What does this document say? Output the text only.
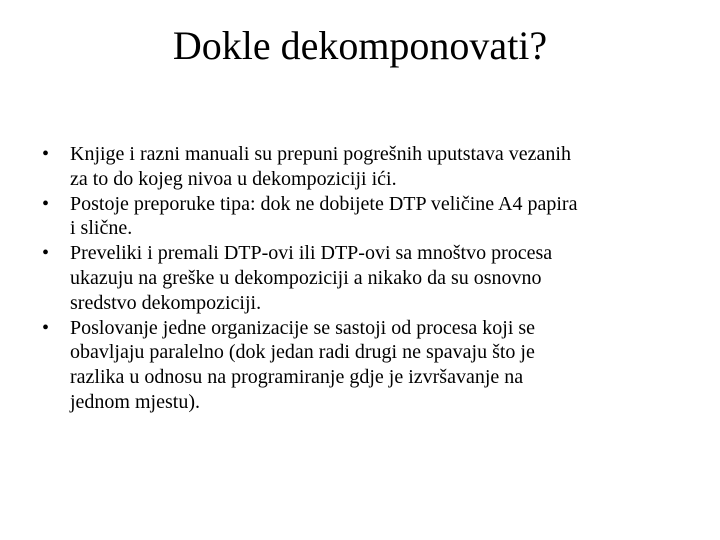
Dokle dekomponovati?
•	Knjige i razni manuali su prepuni pogrešnih uputstava vezanih
za to do kojeg nivoa u dekompoziciji ići.
•	Postoje preporuke tipa: dok ne dobijete DTP veličine A4 papira
i slične.
•	Preveliki i premali DTP-ovi ili DTP-ovi sa mnoštvo procesa
ukazuju na greške u dekompoziciji a nikako da su osnovno
sredstvo dekompoziciji.
•	Poslovanje jedne organizacije se sastoji od procesa koji se
obavljaju paralelno (dok jedan radi drugi ne spavaju što je
razlika u odnosu na programiranje gdje je izvršavanje na
jednom mjestu).
